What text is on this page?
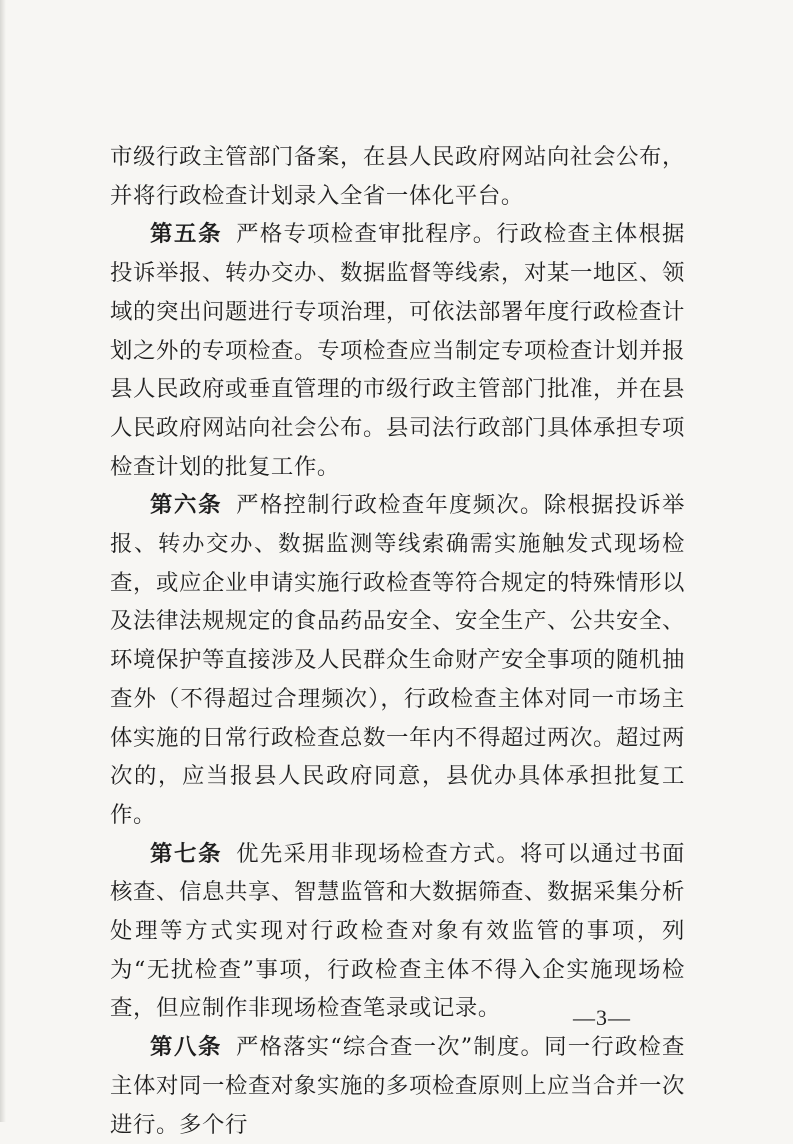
市级行政主管部门备案，在县人民政府网站向社会公布，并将行政检查计划录入全省一体化平台。

第五条 严格专项检查审批程序。行政检查主体根据投诉举报、转办交办、数据监督等线索，对某一地区、领域的突出问题进行专项治理，可依法部署年度行政检查计划之外的专项检查。专项检查应当制定专项检查计划并报县人民政府或垂直管理的市级行政主管部门批准，并在县人民政府网站向社会公布。县司法行政部门具体承担专项检查计划的批复工作。

第六条 严格控制行政检查年度频次。除根据投诉举报、转办交办、数据监测等线索确需实施触发式现场检查，或应企业申请实施行政检查等符合规定的特殊情形以及法律法规规定的食品药品安全、安全生产、公共安全、环境保护等直接涉及人民群众生命财产安全事项的随机抽查外（不得超过合理频次），行政检查主体对同一市场主体实施的日常行政检查总数一年内不得超过两次。超过两次的，应当报县人民政府同意，县优办具体承担批复工作。

第七条 优先采用非现场检查方式。将可以通过书面核查、信息共享、智慧监管和大数据筛查、数据采集分析处理等方式实现对行政检查对象有效监管的事项，列为“无扰检查”事项，行政检查主体不得入企实施现场检查，但应制作非现场检查笔录或记录。

第八条 严格落实“综合查一次”制度。同一行政检查主体对同一检查对象实施的多项检查原则上应当合并一次进行。多个行

—3—
